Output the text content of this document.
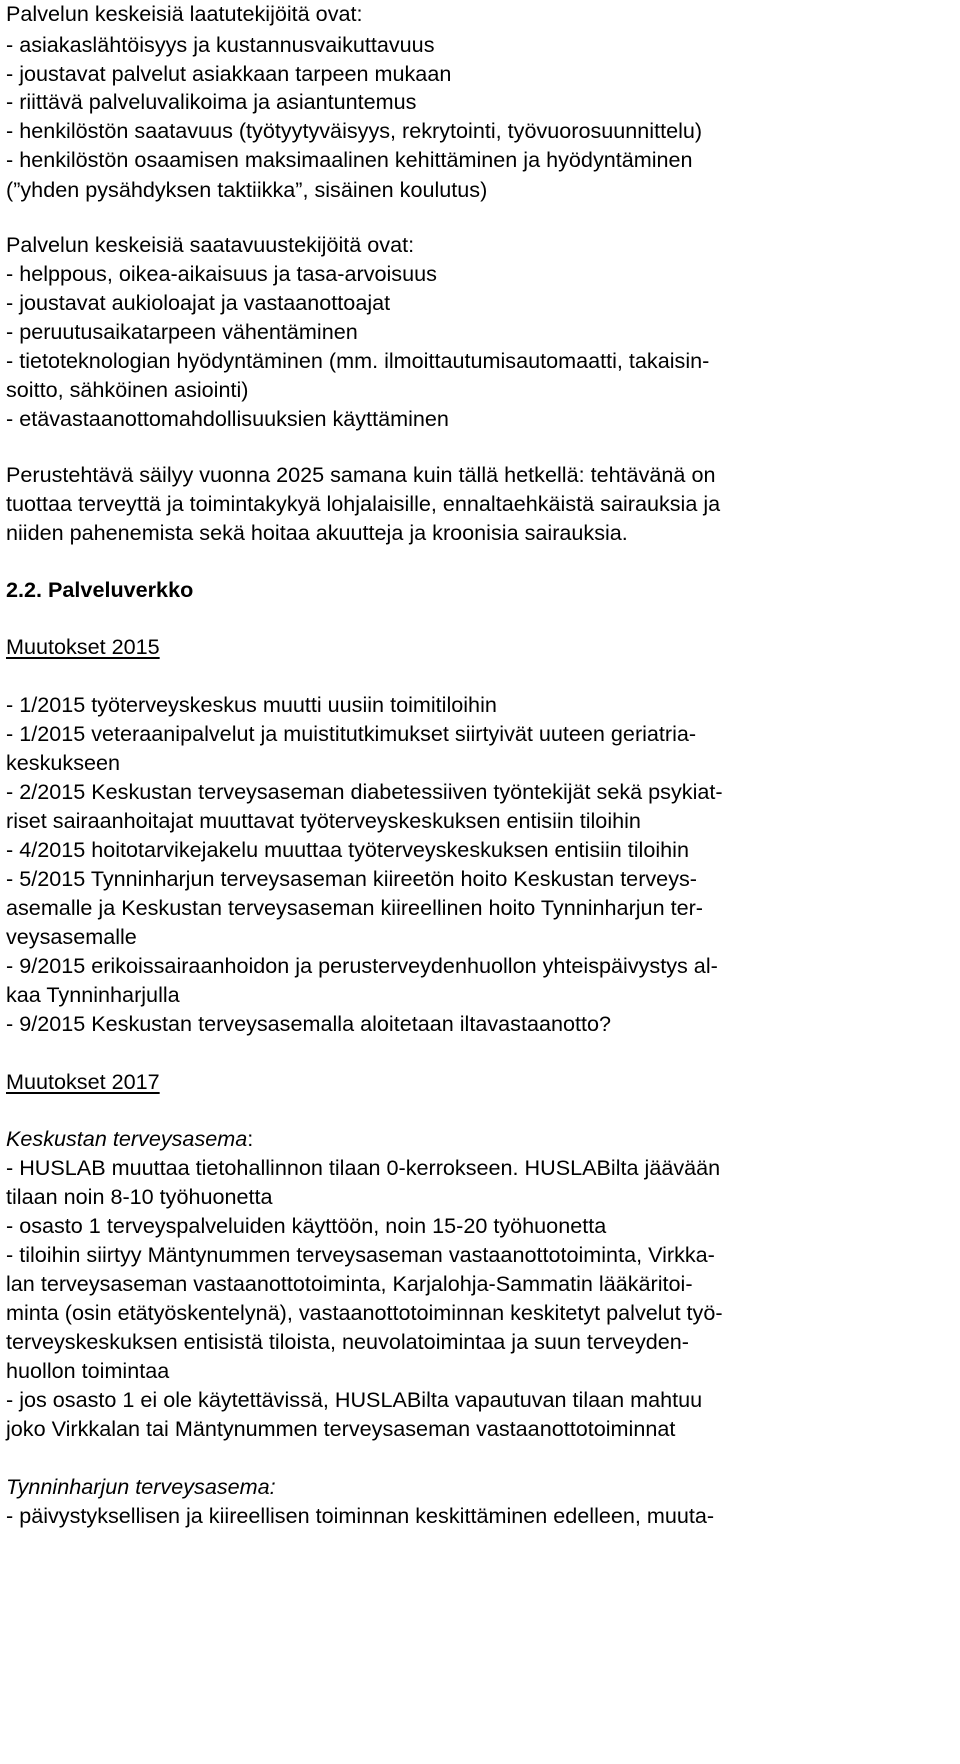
Palvelun keskeisiä laatutekijöitä ovat:
- asiakaslähtöisyys ja kustannusvaikuttavuus
- joustavat palvelut asiakkaan tarpeen mukaan
- riittävä palveluvalikoima ja asiantuntemus
- henkilöstön saatavuus (työtyytyväisyys, rekrytointi, työvuorosuunnittelu)
- henkilöstön osaamisen maksimaalinen kehittäminen ja hyödyntäminen
(”yhden pysähdyksen taktiikka”, sisäinen koulutus)
Palvelun keskeisiä saatavuustekijöitä ovat:
- helppous, oikea-aikaisuus ja tasa-arvoisuus
- joustavat aukioloajat ja vastaanottoajat
- peruutusaikatarpeen vähentäminen
- tietoteknologian hyödyntäminen (mm. ilmoittautumisautomaatti, takaisin-
soitto, sähköinen asiointi)
- etävastaanottomahdollisuuksien käyttäminen
Perustehtävä säilyy vuonna 2025 samana kuin tällä hetkellä: tehtävänä on
tuottaa terveyttä ja toimintakykyä lohjalaisille, ennaltaehkäistä sairauksia ja
niiden pahenemista sekä hoitaa akuutteja ja kroonisia sairauksia.
2.2. Palveluverkko
Muutokset 2015
- 1/2015 työterveyskeskus muutti uusiin toimitiloihin
- 1/2015 veteraanipalvelut ja muistitutkimukset siirtyivät uuteen geriatria-
keskukseen
- 2/2015 Keskustan terveysaseman diabetessiiven työntekijät sekä psykiat-
riset sairaanhoitajat muuttavat työterveyskeskuksen entisiin tiloihin
- 4/2015 hoitotarvikejakelu muuttaa työterveyskeskuksen entisiin tiloihin
- 5/2015 Tynninharjun terveysaseman kiireetön hoito Keskustan terveys-
asemalle ja Keskustan terveysaseman kiireellinen hoito Tynninharjun ter-
veysasemalle
- 9/2015 erikoissairaanhoidon ja perusterveydenhuollon yhteispäivystys al-
kaa Tynninharjulla
- 9/2015 Keskustan terveysasemalla aloitetaan iltavastaanotto?
Muutokset 2017
Keskustan terveysasema:
- HUSLAB muuttaa tietohallinnon tilaan 0-kerrokseen. HUSLABilta jäävään
tilaan noin 8-10 työhuonetta
- osasto 1 terveyspalveluiden käyttöön, noin 15-20 työhuonetta
- tiloihin siirtyy Mäntynummen terveysaseman vastaanottotoiminta, Virkka-
lan terveysaseman vastaanottotoiminta, Karjalohja-Sammatin lääkäritoi-
minta (osin etätyöskentelynä), vastaanottotoiminnan keskitetyt palvelut työ-
terveyskeskuksen entisistä tiloista, neuvolatoimintaa ja suun terveyden-
huollon toimintaa
- jos osasto 1 ei ole käytettävissä, HUSLABilta vapautuvan tilaan mahtuu
joko Virkkalan tai Mäntynummen terveysaseman vastaanottotoiminnat
Tynninharjun terveysasema:
- päivystyksellisen ja kiireellisen toiminnan keskittäminen edelleen, muuta-
